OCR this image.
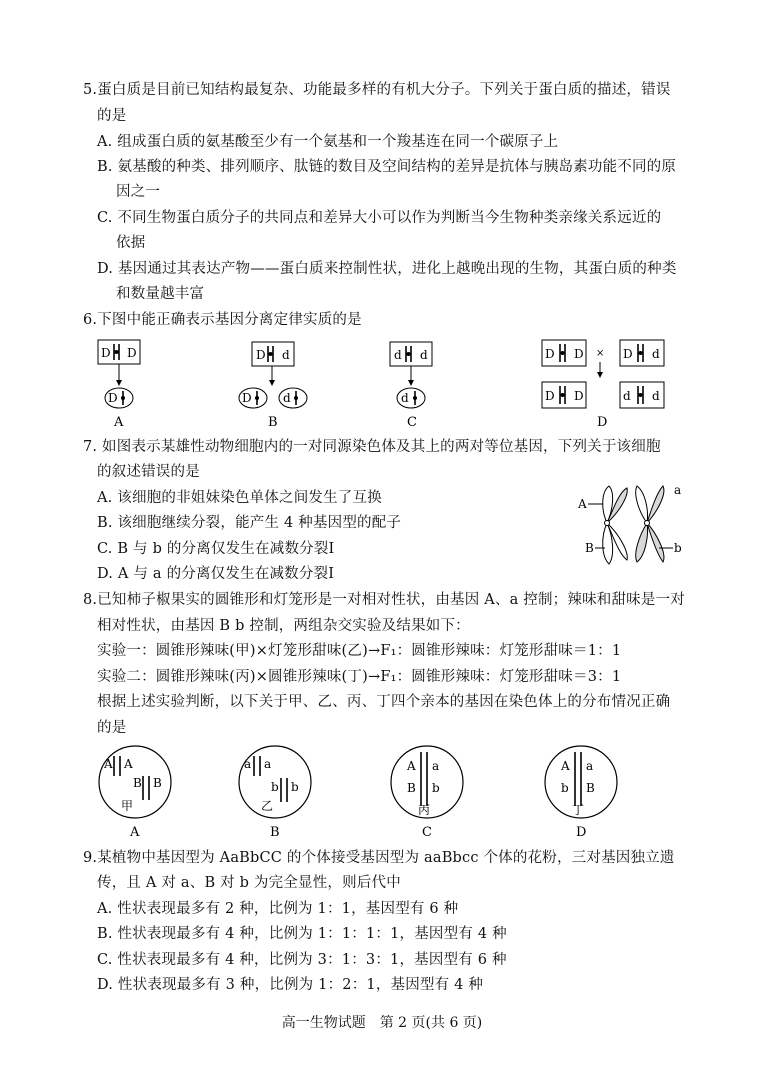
5.蛋白质是目前已知结构最复杂、功能最多样的有机大分子。下列关于蛋白质的描述，错误
的是
A. 组成蛋白质的氨基酸至少有一个氨基和一个羧基连在同一个碳原子上
B. 氨基酸的种类、排列顺序、肽链的数目及空间结构的差异是抗体与胰岛素功能不同的原
因之一
C. 不同生物蛋白质分子的共同点和差异大小可以作为判断当今生物种类亲缘关系远近的
依据
D. 基因通过其表达产物——蛋白质来控制性状，进化上越晚出现的生物，其蛋白质的种类
和数量越丰富
6.下图中能正确表示基因分离定律实质的是
D D
D
A
D d
D	d
B
d d
d
C
D D	D d
×
D D	d d
D
7. 如图表示某雄性动物细胞内的一对同源染色体及其上的两对等位基因，下列关于该细胞
的叙述错误的是
A. 该细胞的非姐妹染色单体之间发生了互换
B. 该细胞继续分裂，能产生 4 种基因型的配子
C. B 与 b 的分离仅发生在减数分裂Ⅰ
D. A 与 a 的分离仅发生在减数分裂Ⅰ
A
a
B	b
8.已知柿子椒果实的圆锥形和灯笼形是一对相对性状，由基因 A、a 控制；辣味和甜味是一对
相对性状，由基因 B b 控制，两组杂交实验及结果如下：
实验一：圆锥形辣味(甲)×灯笼形甜味(乙)→F₁：圆锥形辣味：灯笼形甜味＝1：1
实验二：圆锥形辣味(丙)×圆锥形辣味(丁)→F₁：圆锥形辣味：灯笼形甜味＝3：1
根据上述实验判断，以下关于甲、乙、丙、丁四个亲本的基因在染色体上的分布情况正确
的是
A A
B B
甲
A
a a
b b
乙
B
A
B
a
b
丙
C
A
b
a
B
丁
D
9.某植物中基因型为 AaBbCC 的个体接受基因型为 aaBbcc 个体的花粉，三对基因独立遗
传，且 A 对 a、B 对 b 为完全显性，则后代中
A. 性状表现最多有 2 种，比例为 1：1，基因型有 6 种
B. 性状表现最多有 4 种，比例为 1：1：1：1，基因型有 4 种
C. 性状表现最多有 4 种，比例为 3：1：3：1，基因型有 6 种
D. 性状表现最多有 3 种，比例为 1：2：1，基因型有 4 种
高一生物试题　第 2 页(共 6 页)
